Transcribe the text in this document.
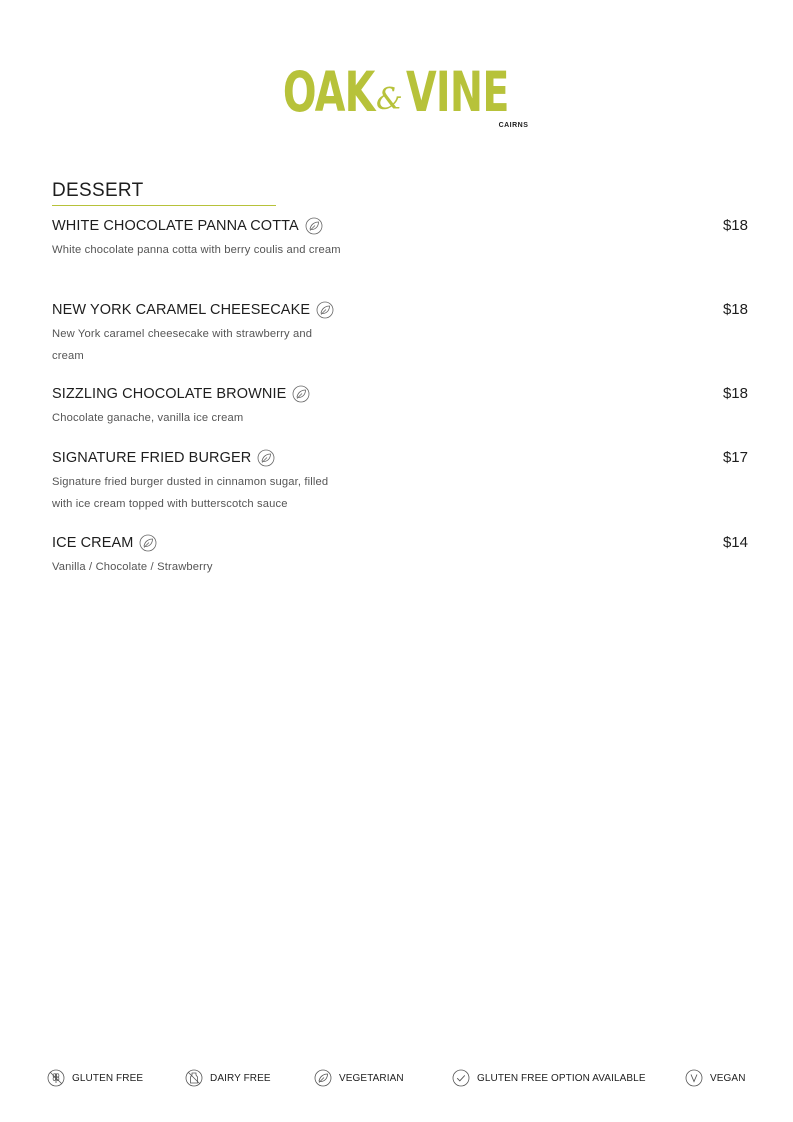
OAK & VINE
CAIRNS
DESSERT
WHITE CHOCOLATE PANNA COTTA	$18
White chocolate panna cotta with berry coulis and cream
NEW YORK CARAMEL CHEESECAKE	$18
New York caramel cheesecake with strawberry and cream
SIZZLING CHOCOLATE BROWNIE	$18
Chocolate ganache, vanilla ice cream
SIGNATURE FRIED BURGER	$17
Signature fried burger dusted in cinnamon sugar, filled with ice cream topped with butterscotch sauce
ICE CREAM	$14
Vanilla / Chocolate / Strawberry
GLUTEN FREE	DAIRY FREE	VEGETARIAN	GLUTEN FREE OPTION AVAILABLE	VEGAN
